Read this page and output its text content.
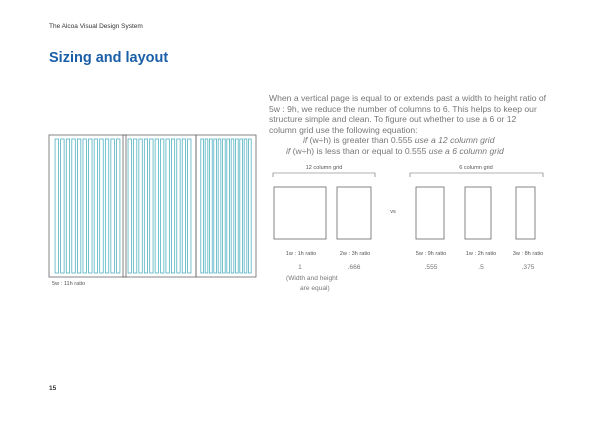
The Alcoa Visual Design System
Sizing and layout
When a vertical page is equal to or extends past a width to height ratio of
5w : 9h, we reduce the number of columns to 6. This helps to keep our
structure simple and clean. To figure out whether to use a 6 or 12
column grid use the following equation:
if (w÷h) is greater than 0.555 use a 12 column grid
if (w÷h) is less than or equal to 0.555 use a 6 column grid
5w : 11h ratio
12 column grid	6 column grid
vs
1w : 1h ratio	2w : 3h ratio	5w : 9h ratio	1w : 2h ratio	3w : 8h ratio
1	.666	.555	.5	.375
(Width and height
are equal)
15
